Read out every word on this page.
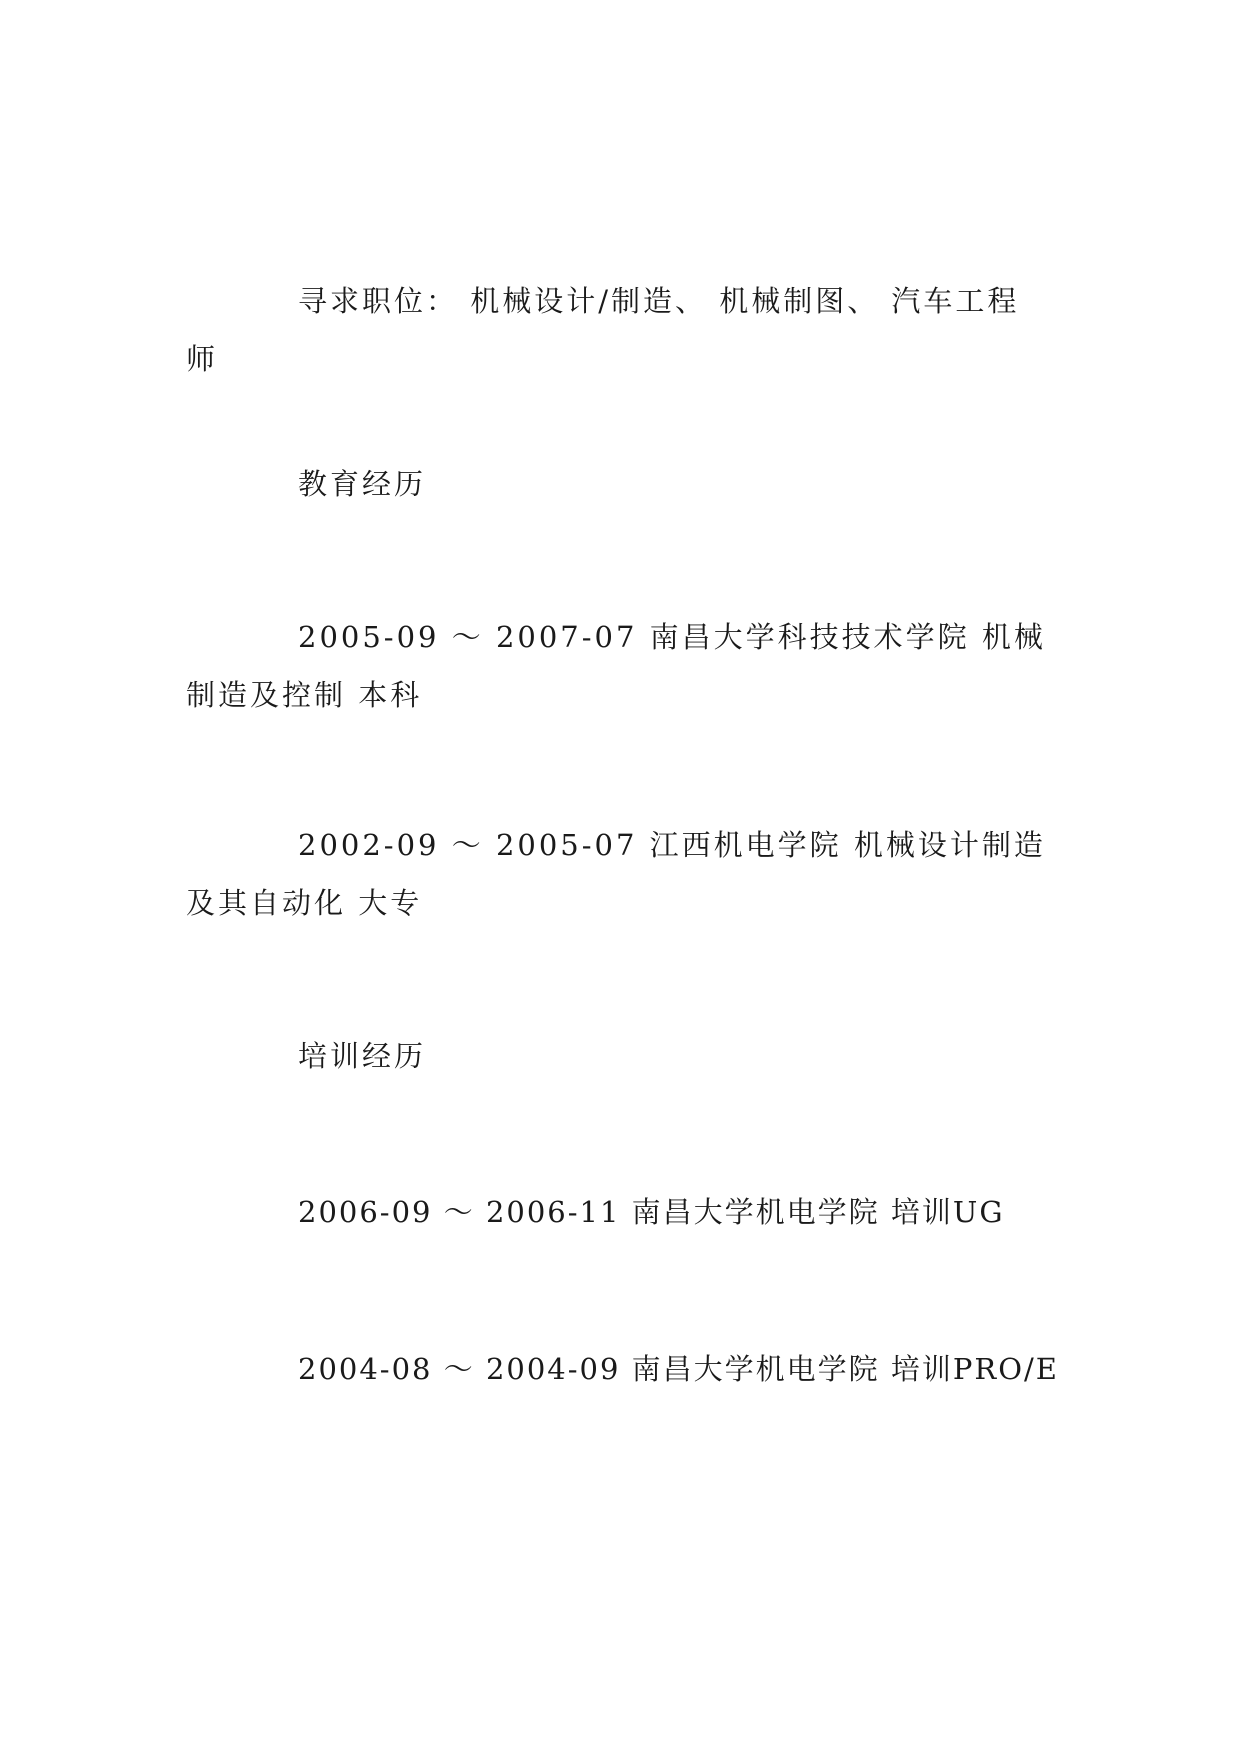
寻求职位： 机械设计/制造、 机械制图、 汽车工程师

教育经历

2005-09 ～ 2007-07 南昌大学科技技术学院 机械制造及控制 本科

2002-09 ～ 2005-07 江西机电学院 机械设计制造及其自动化 大专

培训经历

2006-09 ～ 2006-11 南昌大学机电学院 培训UG

2004-08 ～ 2004-09 南昌大学机电学院 培训PRO/E
